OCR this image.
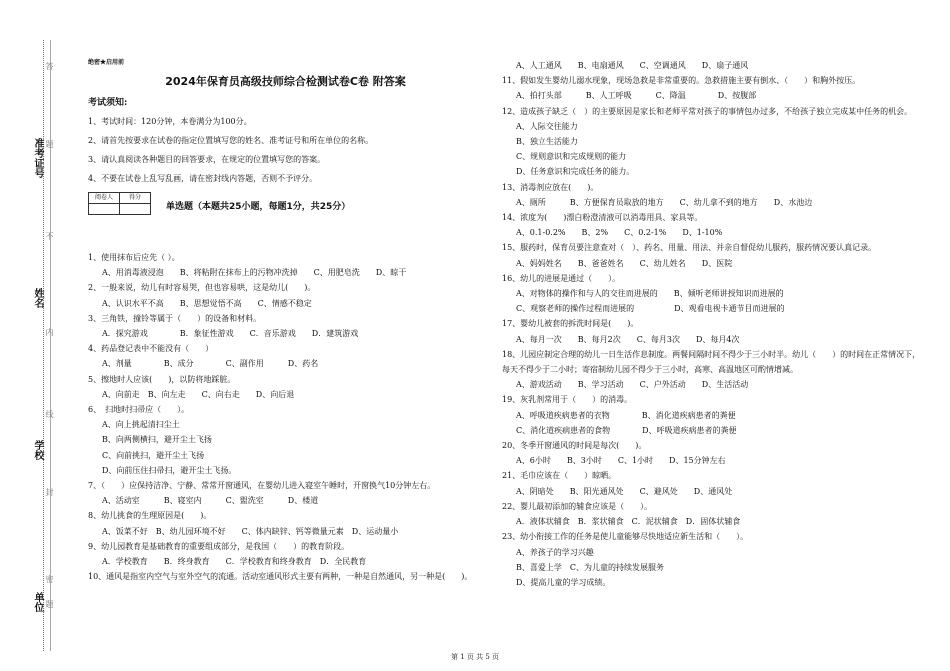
准考证号
姓名
学校
单位
答
题
不
内
线
封
密
题
绝密★启用前
2024年保育员高级技师综合检测试卷C卷 附答案
考试须知:

1、考试时间：120分钟，本卷满分为100分。

2、请首先按要求在试卷的指定位置填写您的姓名、准考证号和所在单位的名称。

3、请认真阅读各种题目的回答要求，在规定的位置填写您的答案。

4、不要在试卷上乱写乱画，请在密封线内答题，否则不予评分。

阅卷人	得分

单选题（本题共25小题，每题1分，共25分）

1、使用抹布后应先（ ）。

A、用消毒液浸泡　　B、将粘附在抹布上的污物冲洗掉　　C、用肥皂洗　　D、晾干

2、一般来说，幼儿有时容易哭，但也容易哄，这是幼儿(　　)。

A、认识水平不高　　B、思想觉悟不高　　C、情感不稳定

3、三角铁，撞铃等属于（　　）的设备和材料。

A．探究游戏　　　　B．象征性游戏　　C．音乐游戏　　D．建筑游戏

4、药品登记表中不能没有（　　）

A、剂量　　　　B、成分　　　　C、副作用　　　D、药名

5、擦地时人应该(　　)，以防将地踩脏。

A、向前走　B、向左走　　C、向右走　　D、向后退

6、　扫地时扫帚应（　　）。

A、向上挑起清扫尘土

B、向两侧横扫，避开尘土飞扬

C、向前挑扫，避开尘土飞扬

D、向前压住扫帚扫，避开尘土飞扬。

7、（　　）应保持洁净、宁静、常常开窗通风，在婴幼儿进入寝室午睡时，开窗换气10分钟左右。

A、活动室　　　B、寝室内　　　C、盥洗室　　　D、楼道

8、幼儿挑食的生理原因是(　　)。

A、饭菜不好　B、幼儿园环境不好　　C、体内缺锌、钙等微量元素　D、运动量小

9、幼儿园教育是基础教育的重要组成部分，是我国（　　）的教育阶段。

A．学校教育　　B．终身教育　　C．学校教育和终身教育　D．全民教育

10、通风是指室内空气与室外空气的流通。活动室通风形式主要有两种，一种是自然通风，另一种是(　　)。

A、人工通风　　B、电扇通风　　C、空调通风　　D、扇子通风

11、假如发生婴幼儿溺水现象，现场急救是非常重要的。急救措施主要有倒水、（　　）和胸外按压。

A、拍打头部　　　B、人工呼吸　　　C、降温　　　　D、按腹部

12、造成孩子缺乏（　）的主要原因是家长和老师平常对孩子的事情包办过多，不给孩子独立完成某中任务的机会。

A、人际交往能力

B、独立生活能力

C、规则意识和完成规则的能力

D、任务意识和完成任务的能力。

13、消毒剂应放在(　　)。

A、厕所　　　B、方便保育员取放的地方　　C、幼儿拿不到的地方　　D、水池边

14、浓度为(　　)漂白粉澄清液可以消毒用具、家具等。

A、0.1-0.2%　　B、2%　　C、0.2-1%　　D、1-10%

15、服药时，保育员要注意查对（　）、药名、用量、用法、并亲自督促幼儿服药，服药情况要认真记录。

A、妈妈姓名　　B、爸爸姓名　　C、幼儿姓名　　D、医院

16、幼儿的进展是通过（　　）。

A、对物体的操作和与人的交往而进展的　　B、倾听老师讲授知识而进展的

C、观察老师的操作过程而进展的　　　　　D、观看电视卡通节目而进展的

17、婴幼儿被套的拆洗时间是(　　)。

A、每月一次　　B、每月2次　　C、每月3次　　D、每月4次

18、儿园应制定合理的幼儿一日生活作息制度。两餐间隔时间不得少于三小时半。幼儿（　　）的时间在正常情况下，每天不得少于二小时；寄宿制幼儿园不得少于三小时，高寒、高温地区可酌情增减。

A、游戏活动　　B、学习活动　　C、户外活动　　D、生活活动

19、灰乳剂常用于（　　）的消毒。

A、呼吸道疾病患者的衣物　　　　B、消化道疾病患者的粪便

C、消化道疾病患者的食物　　　　D、呼吸道疾病患者的粪便

20、冬季开窗通风的时间是每次(　　)。

A、6小时　　B、3小时　　C、1小时　　D、15分钟左右

21、毛巾应该在（　　）晾晒。

A、阴暗处　　B、阳光通风处　　C、避风处　　D、通风处

22、婴儿最初添加的辅食应该是（　　）。

A．液体状辅食　B．浆状辅食　C．泥状辅食　D．固体状辅食

23、幼小衔接工作的任务是使儿童能够尽快地适应新生活和（　　）。

A、养孩子的学习兴趣

B、喜爱上学　C、为儿童的持续发展服务

D、提高儿童的学习成绩。

第 1 页 共 5 页
